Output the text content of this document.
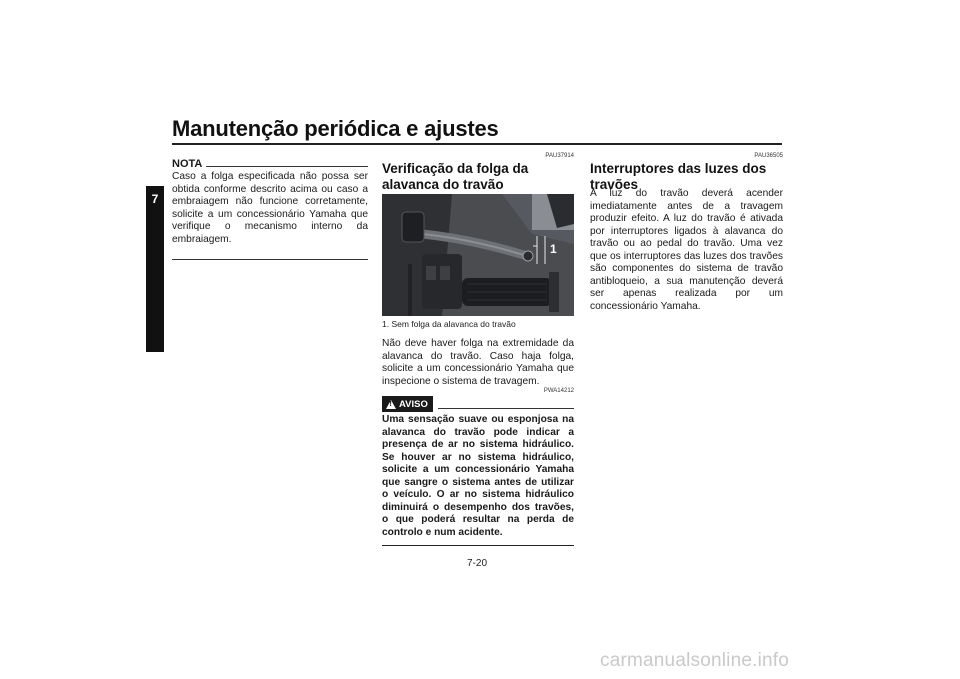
Manutenção periódica e ajustes
7
NOTA
Caso a folga especificada não possa ser obtida conforme descrito acima ou caso a embraiagem não funcione corretamente, solicite a um concessionário Yamaha que verifique o mecanismo interno da embraiagem.
PAU37914
Verificação da folga da alavanca do travão
1
1. Sem folga da alavanca do travão
Não deve haver folga na extremidade da alavanca do travão. Caso haja folga, solicite a um concessionário Yamaha que inspecione o sistema de travagem.
PWA14212
!
AVISO
Uma sensação suave ou esponjosa na alavanca do travão pode indicar a presença de ar no sistema hidráulico. Se houver ar no sistema hidráulico, solicite a um concessionário Yamaha que sangre o sistema antes de utilizar o veículo. O ar no sistema hidráulico diminuirá o desempenho dos travões, o que poderá resultar na perda de controlo e num acidente.
PAU36505
Interruptores das luzes dos travões
A luz do travão deverá acender imediatamente antes de a travagem produzir efeito. A luz do travão é ativada por interruptores ligados à alavanca do travão ou ao pedal do travão. Uma vez que os interruptores das luzes dos travões são componentes do sistema de travão antibloqueio, a sua manutenção deverá ser apenas realizada por um concessionário Yamaha.
7-20
carmanualsonline.info
